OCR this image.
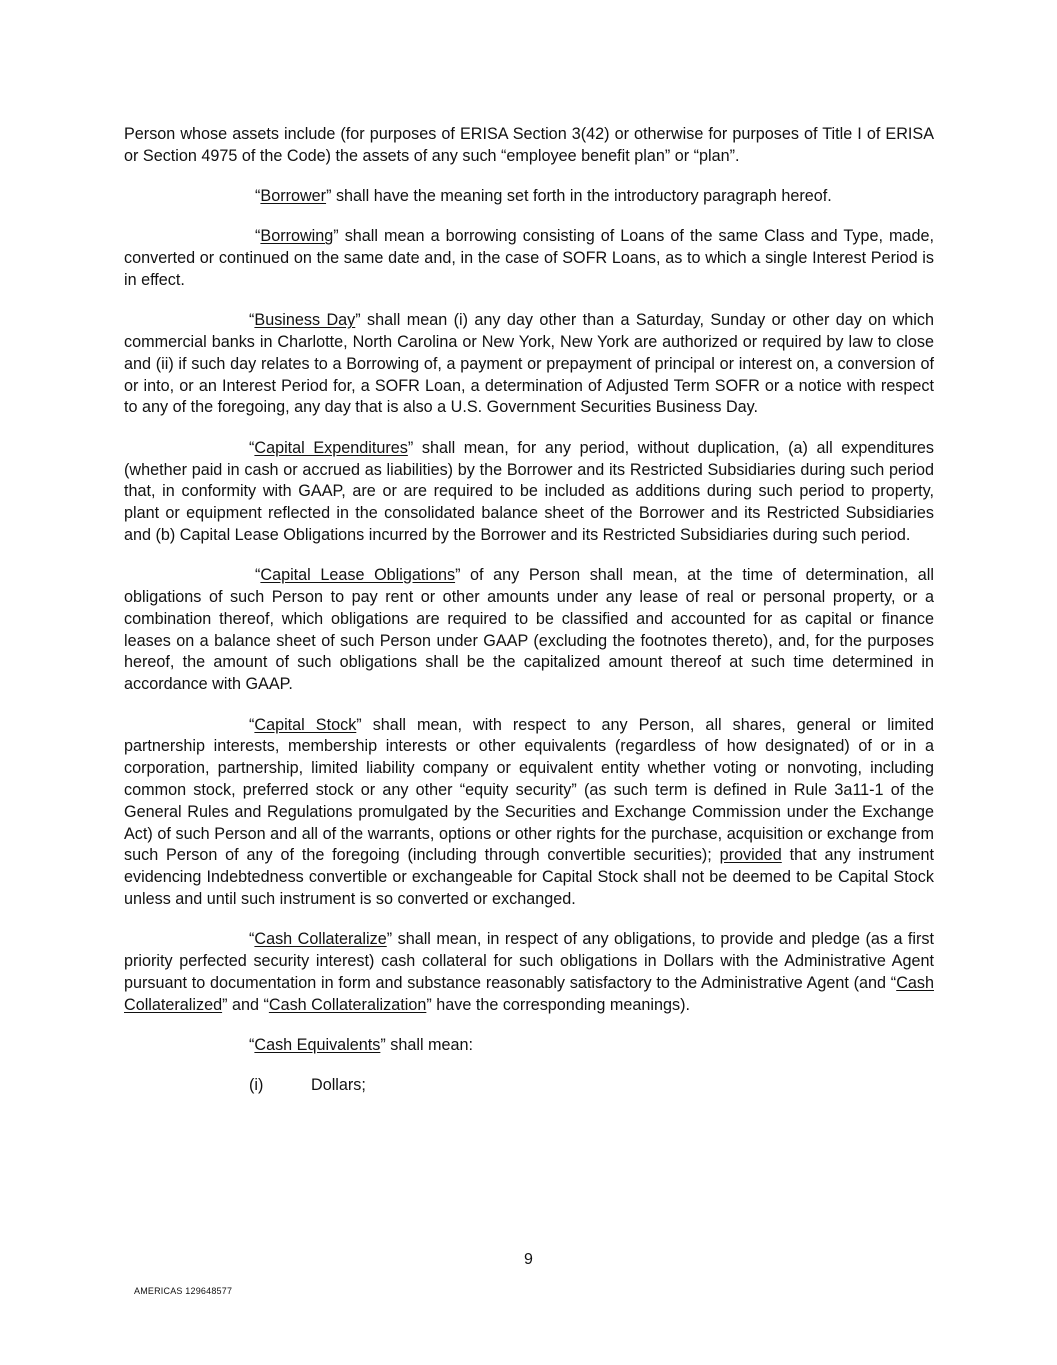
Person whose assets include (for purposes of ERISA Section 3(42) or otherwise for purposes of Title I of ERISA or Section 4975 of the Code) the assets of any such “employee benefit plan” or “plan”.

“Borrower” shall have the meaning set forth in the introductory paragraph hereof.

“Borrowing” shall mean a borrowing consisting of Loans of the same Class and Type, made, converted or continued on the same date and, in the case of SOFR Loans, as to which a single Interest Period is in effect.

“Business Day” shall mean (i) any day other than a Saturday, Sunday or other day on which commercial banks in Charlotte, North Carolina or New York, New York are authorized or required by law to close and (ii) if such day relates to a Borrowing of, a payment or prepayment of principal or interest on, a conversion of or into, or an Interest Period for, a SOFR Loan, a determination of Adjusted Term SOFR or a notice with respect to any of the foregoing, any day that is also a U.S. Government Securities Business Day.

“Capital Expenditures” shall mean, for any period, without duplication, (a) all expenditures (whether paid in cash or accrued as liabilities) by the Borrower and its Restricted Subsidiaries during such period that, in conformity with GAAP, are or are required to be included as additions during such period to property, plant or equipment reflected in the consolidated balance sheet of the Borrower and its Restricted Subsidiaries and (b) Capital Lease Obligations incurred by the Borrower and its Restricted Subsidiaries during such period.

“Capital Lease Obligations” of any Person shall mean, at the time of determination, all obligations of such Person to pay rent or other amounts under any lease of real or personal property, or a combination thereof, which obligations are required to be classified and accounted for as capital or finance leases on a balance sheet of such Person under GAAP (excluding the footnotes thereto), and, for the purposes hereof, the amount of such obligations shall be the capitalized amount thereof at such time determined in accordance with GAAP.

“Capital Stock” shall mean, with respect to any Person, all shares, general or limited partnership interests, membership interests or other equivalents (regardless of how designated) of or in a corporation, partnership, limited liability company or equivalent entity whether voting or nonvoting, including common stock, preferred stock or any other “equity security” (as such term is defined in Rule 3a11-1 of the General Rules and Regulations promulgated by the Securities and Exchange Commission under the Exchange Act) of such Person and all of the warrants, options or other rights for the purchase, acquisition or exchange from such Person of any of the foregoing (including through convertible securities); provided that any instrument evidencing Indebtedness convertible or exchangeable for Capital Stock shall not be deemed to be Capital Stock unless and until such instrument is so converted or exchanged.

“Cash Collateralize” shall mean, in respect of any obligations, to provide and pledge (as a first priority perfected security interest) cash collateral for such obligations in Dollars with the Administrative Agent pursuant to documentation in form and substance reasonably satisfactory to the Administrative Agent (and “Cash Collateralized” and “Cash Collateralization” have the corresponding meanings).

“Cash Equivalents” shall mean:

(i)	Dollars;

9
AMERICAS 129648577
